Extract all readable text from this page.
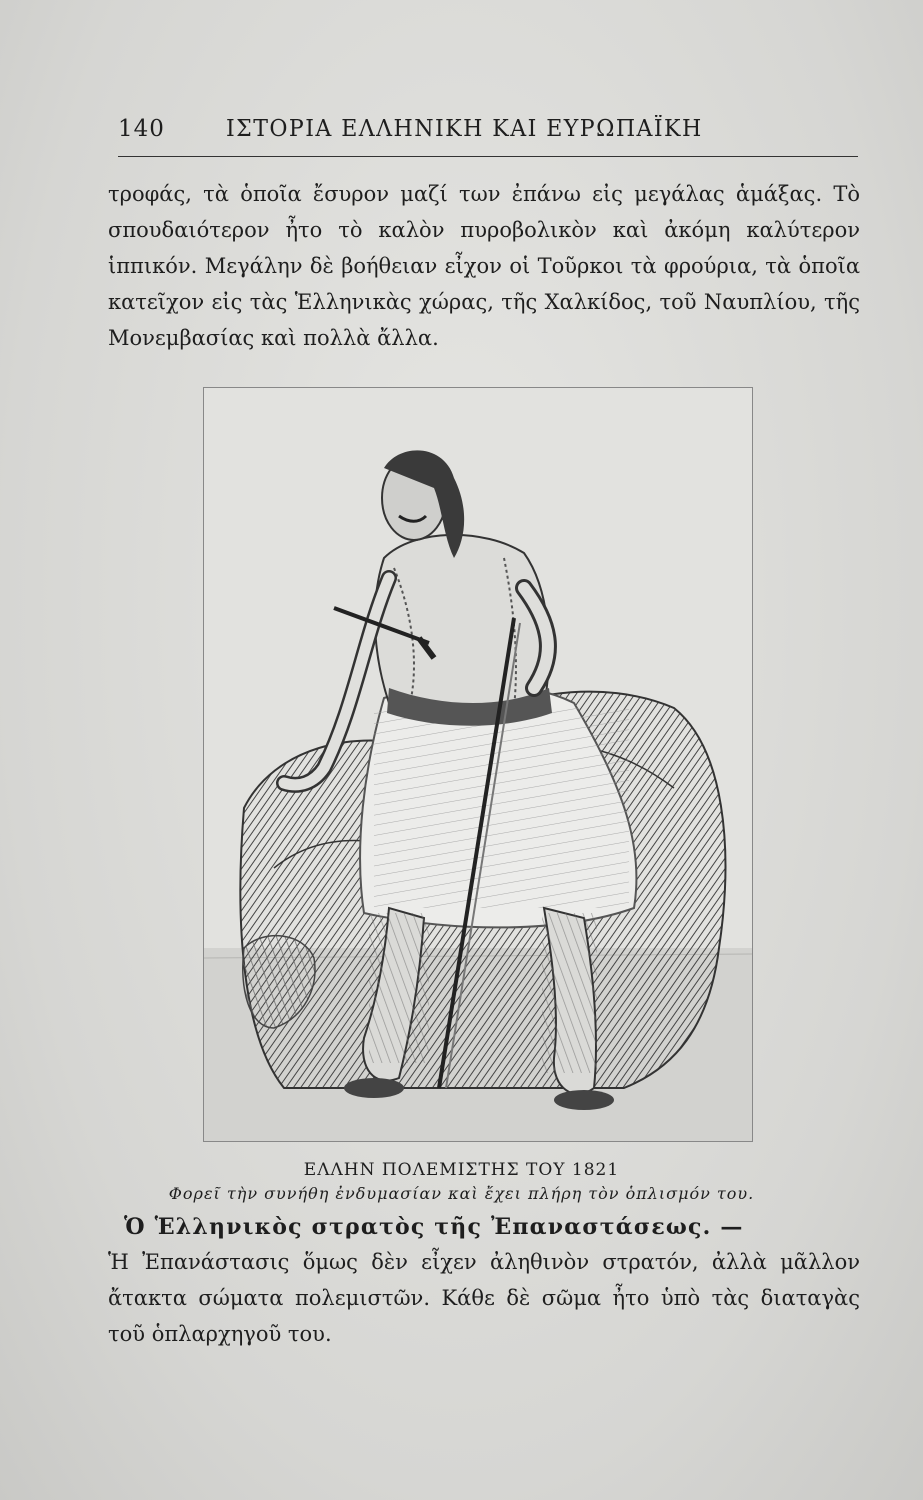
140	ΙΣΤΟΡΙΑ ΕΛΛΗΝΙΚΗ ΚΑΙ ΕΥΡΩΠΑΪΚΗ

τροφάς, τὰ ὁποῖα ἔσυρον μαζί των ἐπάνω εἰς μεγάλας ἁμάξας. Τὸ σπουδαιότερον ἦτο τὸ καλὸν πυροβολικὸν καὶ ἀκόμη καλύτερον ἱππικόν. Μεγάλην δὲ βοήθειαν εἶχον οἱ Τοῦρκοι τὰ φρούρια, τὰ ὁποῖα κατεῖχον εἰς τὰς Ἑλληνικὰς χώρας, τῆς Χαλκίδος, τοῦ Ναυπλίου, τῆς Μονεμβασίας καὶ πολλὰ ἄλλα.

ΕΛΛΗΝ ΠΟΛΕΜΙΣΤΗΣ ΤΟΥ 1821
Φορεῖ τὴν συνήθη ἐνδυμασίαν καὶ ἔχει πλήρη τὸν ὁπλισμόν του.
Ὁ Ἑλληνικὸς στρατὸς τῆς Ἐπαναστάσεως. —

Ἡ Ἐπανάστασις ὅμως δὲν εἶχεν ἀληθινὸν στρατόν, ἀλλὰ μᾶλλον ἄτακτα σώματα πολεμιστῶν. Κάθε δὲ σῶμα ἦτο ὑπὸ τὰς διαταγὰς τοῦ ὁπλαρχηγοῦ του.
